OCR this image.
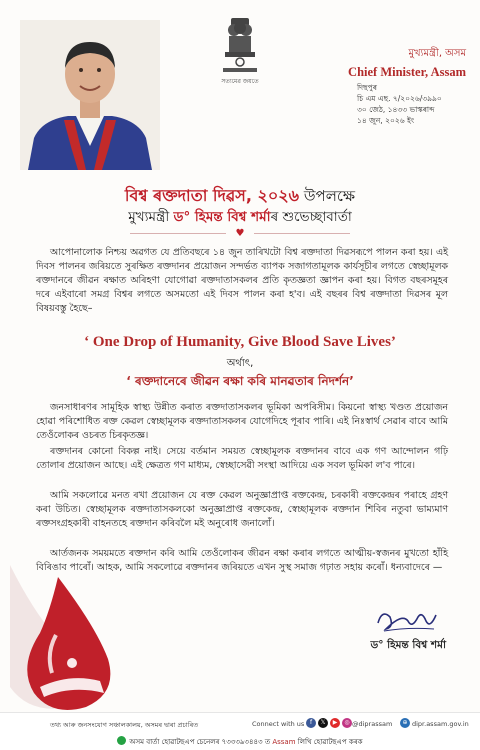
সত্যমেৱ জয়তে
মুখ্যমন্ত্ৰী, অসম
Chief Minister, Assam
দিছপুৰ
চি এম এছ. ৭/২০২৬/৩৯৯০
৩০ জেঠ, ১৪৩৩ ভাস্কৰাব্দ
১৪ জুন, ২০২৬ ইং
বিশ্ব ৰক্তদাতা দিৱস, ২০২৬ উপলক্ষে
মুখ্যমন্ত্ৰী ড° হিমন্ত বিশ্ব শৰ্মাৰ শুভেচ্ছাবাৰ্তা
♥
আপোনালোক নিশ্চয় অৱগত যে প্ৰতিবছৰে ১৪ জুন তাৰিখটো বিশ্ব ৰক্তদাতা দিৱসৰূপে পালন কৰা হয়। এই দিবস পালনৰ জৰিয়তে সুৰক্ষিত ৰক্তদানৰ প্ৰয়োজন সন্দৰ্ভত ব্যাপক সজাগতামূলক কাৰ্যসূচীৰ লগতে স্বেচ্ছামূলক ৰক্তদানৰে জীৱন ৰক্ষাত অৰিহণা যোগোৱা ৰক্তদাতাসকলৰ প্ৰতি কৃতজ্ঞতা জ্ঞাপন কৰা হয়। বিগত বছৰসমূহৰ দৰে এইবাৰো সমগ্ৰ বিশ্বৰ লগতে অসমতো এই দিবস পালন কৰা হ'ব। এই বছৰৰ বিশ্ব ৰক্তদাতা দিৱসৰ মূল বিষয়বস্তু হৈছে–
‘ One Drop of Humanity, Give Blood Save Lives’
অৰ্থাৎ,
‘ ৰক্তদানেৰে জীৱন ৰক্ষা কৰি মানৱতাৰ নিদৰ্শন’
জনসাধাৰণৰ সামূহিক স্বাস্থ্য উন্নীত কৰাত ৰক্তদাতাসকলৰ ভূমিকা অপৰিসীম। কিয়নো স্বাস্থ্য খণ্ডত প্ৰয়োজন হোৱা পৰিশোধিত ৰক্ত কেৱল স্বেচ্ছামূলক ৰক্তদাতাসকলৰ যোগেদিহে পূৰাব পাৰি। এই নিঃস্বাৰ্থ সেৱাৰ বাবে আমি তেওঁলোকৰ ওচৰত চিৰকৃতজ্ঞ।
ৰক্তদানৰ কোনো বিকল্প নাই। সেয়ে বৰ্তমান সময়ত স্বেচ্ছামূলক ৰক্তদানৰ বাবে এক গণ আন্দোলন গঢ়ি তোলাৰ প্ৰয়োজন আছে। এই ক্ষেত্ৰত গণ মাধ্যম, স্বেচ্ছাসেৱী সংস্থা আদিয়ে এক সবল ভূমিকা ল'ব পাৰে।
আমি সকলোৱে মনত ৰখা প্ৰয়োজন যে ৰক্ত কেৱল অনুজ্ঞাপ্ৰাপ্ত ৰক্তকেন্দ্ৰ, চৰকাৰী ৰক্তকেন্দ্ৰৰ পৰাহে গ্ৰহণ কৰা উচিত। স্বেচ্ছামূলক ৰক্তদাতাসকলকো অনুজ্ঞাপ্ৰাপ্ত ৰক্তকেন্দ্ৰ, স্বেচ্ছামূলক ৰক্তদান শিবিৰ নতুবা ভাম্যমাণ ৰক্তসংগ্ৰহকাৰী বাহনতহে ৰক্তদান কৰিবলৈ মই অনুৰোধ জনালোঁ।
আৰ্তজনক সময়মতে ৰক্তদান কৰি আমি তেওঁলোকৰ জীৱন ৰক্ষা কৰাৰ লগতে আত্মীয়-স্বজনৰ মুখতো হাঁহি বিৰিঙাব পাৰোঁ। আহক, আমি সকলোৱে ৰক্তদানৰ জৰিয়তে এখন সুস্থ সমাজ গঢ়াত সহায় কৰোঁ। ধন্যবাদেৰে —
ড° হিমন্ত বিশ্ব শৰ্মা
তথ্য আৰু জনসংযোগ সঞ্চালকালয়, অসমৰ দ্বাৰা প্ৰচাৰিত	Connect with us f	𝕏	▶	◎ @diprassam	⊕ dipr.assam.gov.in
অসম বাৰ্তা হোৱাটছএপ চেনেলৰ ৭৩৩৩৯৩৪৪৩ ত Assam লিখি হোৱাটছএপ কৰক
